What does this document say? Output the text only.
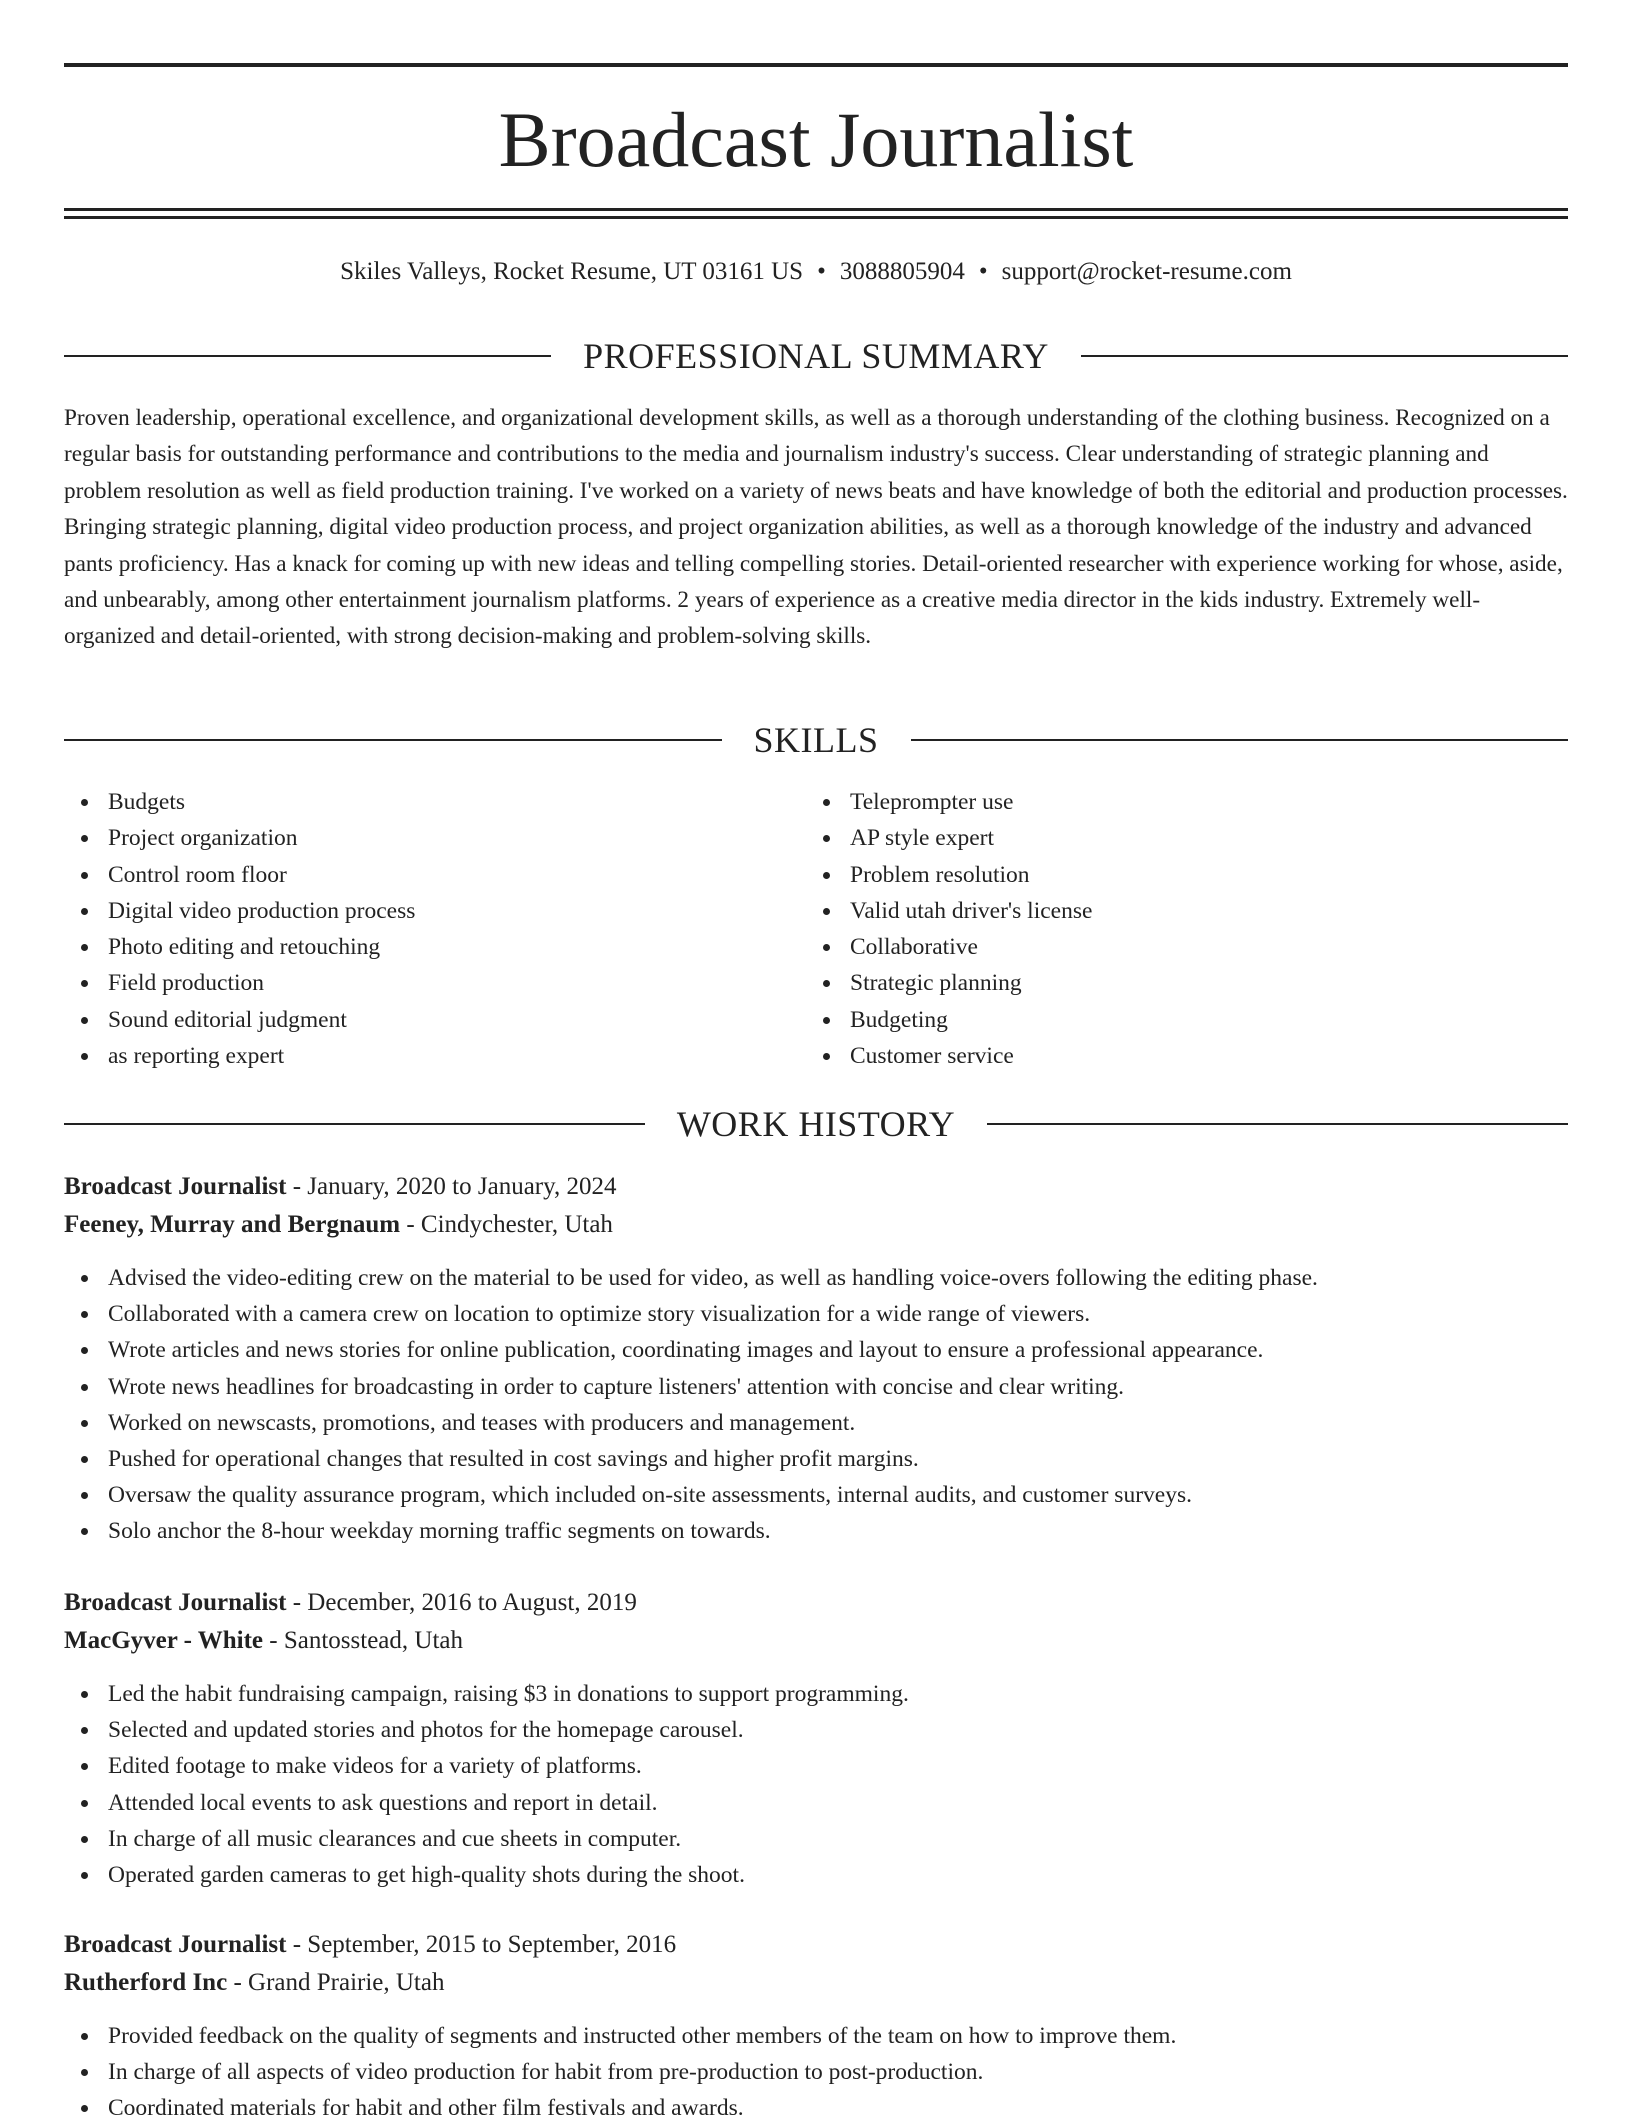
Broadcast Journalist
Skiles Valleys, Rocket Resume, UT 03161 US • 3088805904 • support@rocket-resume.com
PROFESSIONAL SUMMARY

Proven leadership, operational excellence, and organizational development skills, as well as a thorough understanding of the clothing business. Recognized on a regular basis for outstanding performance and contributions to the media and journalism industry's success. Clear understanding of strategic planning and problem resolution as well as field production training. I've worked on a variety of news beats and have knowledge of both the editorial and production processes. Bringing strategic planning, digital video production process, and project organization abilities, as well as a thorough knowledge of the industry and advanced pants proficiency. Has a knack for coming up with new ideas and telling compelling stories. Detail-oriented researcher with experience working for whose, aside, and unbearably, among other entertainment journalism platforms. 2 years of experience as a creative media director in the kids industry. Extremely well-organized and detail-oriented, with strong decision-making and problem-solving skills.

SKILLS
Budgets
Project organization
Control room floor
Digital video production process
Photo editing and retouching
Field production
Sound editorial judgment
as reporting expert
Teleprompter use
AP style expert
Problem resolution
Valid utah driver's license
Collaborative
Strategic planning
Budgeting
Customer service
WORK HISTORY
Broadcast Journalist - January, 2020 to January, 2024
Feeney, Murray and Bergnaum - Cindychester, Utah
Advised the video-editing crew on the material to be used for video, as well as handling voice-overs following the editing phase.
Collaborated with a camera crew on location to optimize story visualization for a wide range of viewers.
Wrote articles and news stories for online publication, coordinating images and layout to ensure a professional appearance.
Wrote news headlines for broadcasting in order to capture listeners' attention with concise and clear writing.
Worked on newscasts, promotions, and teases with producers and management.
Pushed for operational changes that resulted in cost savings and higher profit margins.
Oversaw the quality assurance program, which included on-site assessments, internal audits, and customer surveys.
Solo anchor the 8-hour weekday morning traffic segments on towards.
Broadcast Journalist - December, 2016 to August, 2019
MacGyver - White - Santosstead, Utah
Led the habit fundraising campaign, raising $3 in donations to support programming.
Selected and updated stories and photos for the homepage carousel.
Edited footage to make videos for a variety of platforms.
Attended local events to ask questions and report in detail.
In charge of all music clearances and cue sheets in computer.
Operated garden cameras to get high-quality shots during the shoot.
Broadcast Journalist - September, 2015 to September, 2016
Rutherford Inc - Grand Prairie, Utah
Provided feedback on the quality of segments and instructed other members of the team on how to improve them.
In charge of all aspects of video production for habit from pre-production to post-production.
Coordinated materials for habit and other film festivals and awards.
